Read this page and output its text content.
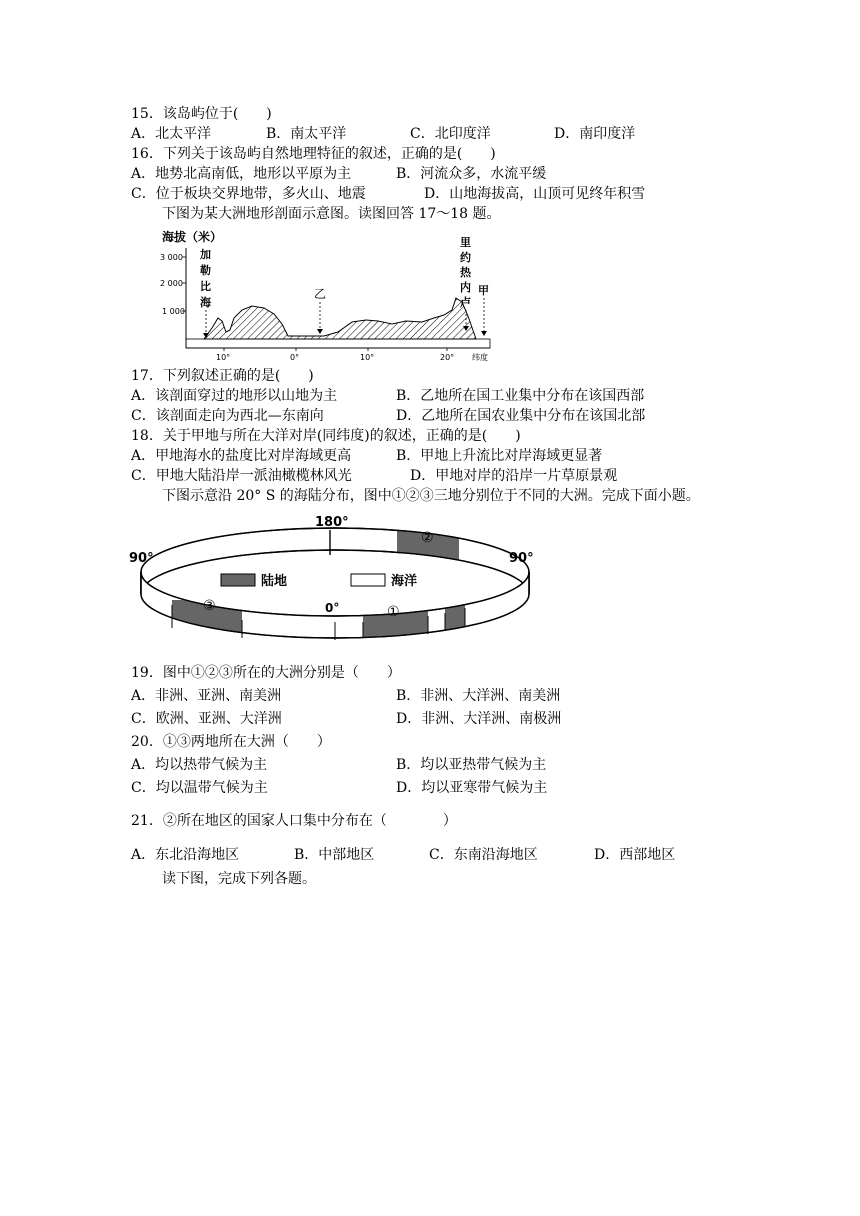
15．该岛屿位于(　　)
A．北太平洋	B．南太平洋	C．北印度洋	D．南印度洋
16．下列关于该岛屿自然地理特征的叙述，正确的是(　　)
A．地势北高南低，地形以平原为主	B．河流众多，水流平缓
C．位于板块交界地带，多火山、地震	D．山地海拔高，山顶可见终年积雪
下图为某大洲地形剖面示意图。读图回答 17～18 题。
海拔（米）
3 000
2 000
1 000
加
勒
比
海
乙
里
约
热
内
卢
甲
10°	0°	10°	20° 纬度
17．下列叙述正确的是(　　)
A．该剖面穿过的地形以山地为主	B．乙地所在国工业集中分布在该国西部
C．该剖面走向为西北—东南向	D．乙地所在国农业集中分布在该国北部
18．关于甲地与所在大洋对岸(同纬度)的叙述，正确的是(　　)
A．甲地海水的盐度比对岸海域更高	B．甲地上升流比对岸海域更显著
C．甲地大陆沿岸一派油橄榄林风光	D．甲地对岸的沿岸一片草原景观
下图示意沿 20° S 的海陆分布，图中①②③三地分别位于不同的大洲。完成下面小题。
180°
90°	90°
0°
②
③	①
陆地	海洋
19．图中①②③所在的大洲分别是（　　）
A．非洲、亚洲、南美洲	B．非洲、大洋洲、南美洲
C．欧洲、亚洲、大洋洲	D．非洲、大洋洲、南极洲
20．①③两地所在大洲（　　）
A．均以热带气候为主	B．均以亚热带气候为主
C．均以温带气候为主	D．均以亚寒带气候为主
21．②所在地区的国家人口集中分布在（　　　　）
A．东北沿海地区	B．中部地区	C．东南沿海地区	D．西部地区
读下图，完成下列各题。
